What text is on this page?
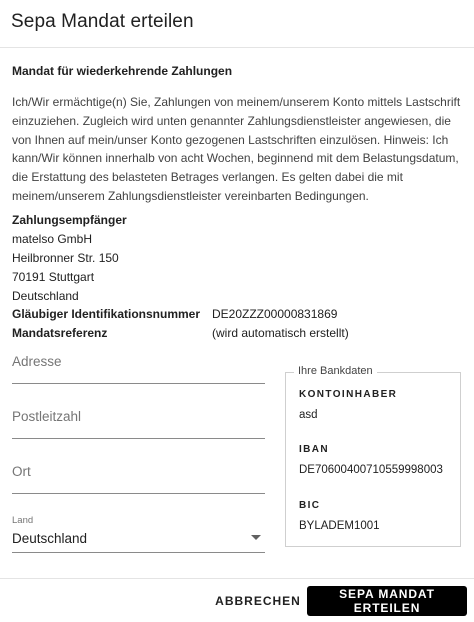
Sepa Mandat erteilen
Mandat für wiederkehrende Zahlungen
Ich/Wir ermächtige(n) Sie, Zahlungen von meinem/unserem Konto mittels Lastschrift einzuziehen. Zugleich wird unten genannter Zahlungsdienstleister angewiesen, die von Ihnen auf mein/unser Konto gezogenen Lastschriften einzulösen. Hinweis: Ich kann/Wir können innerhalb von acht Wochen, beginnend mit dem Belastungsdatum, die Erstattung des belasteten Betrages verlangen. Es gelten dabei die mit meinem/unserem Zahlungsdienstleister vereinbarten Bedingungen.
Zahlungsempfänger
matelso GmbH
Heilbronner Str. 150
70191 Stuttgart
Deutschland
Gläubiger Identifikationsnummer DE20ZZZ00000831869
Mandatsreferenz	(wird automatisch erstellt)
Adresse
Postleitzahl
Ort
Land
Deutschland
Ihre Bankdaten
KONTOINHABER
asd
IBAN
DE70600400710559998003
BIC
BYLADEM1001
ABBRECHEN	SEPA MANDAT ERTEILEN
